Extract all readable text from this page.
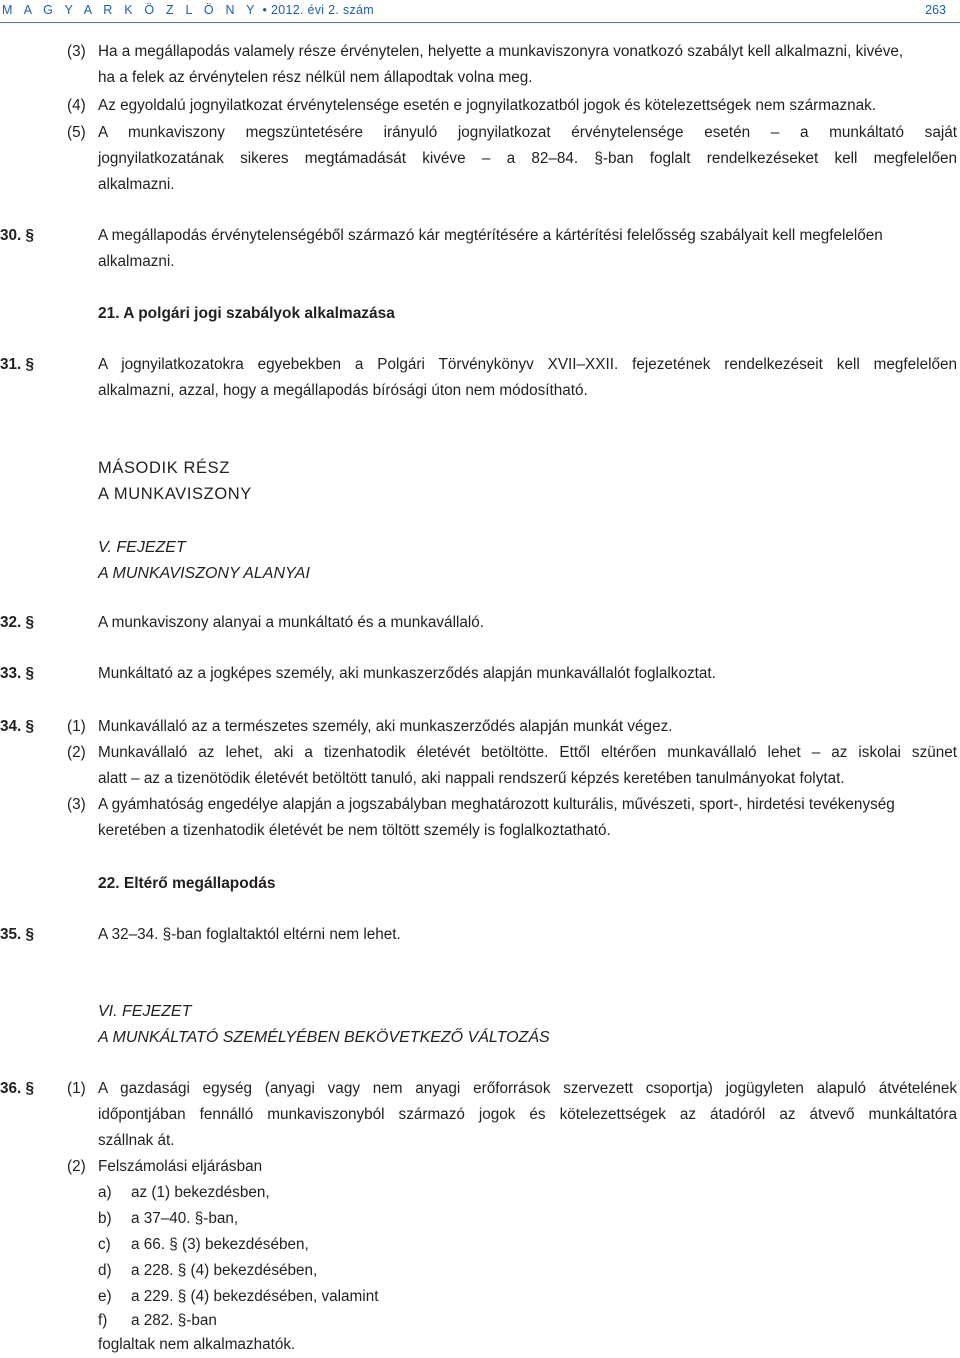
M A G Y A R K Ö Z L Ö N Y • 2012. évi 2. szám	263
(3) Ha a megállapodás valamely része érvénytelen, helyette a munkaviszonyra vonatkozó szabályt kell alkalmazni, kivéve,
ha a felek az érvénytelen rész nélkül nem állapodtak volna meg.
(4) Az egyoldalú jognyilatkozat érvénytelensége esetén e jognyilatkozatból jogok és kötelezettségek nem származnak.
(5) A munkaviszony megszüntetésére irányuló jognyilatkozat érvénytelensége esetén – a munkáltató saját
jognyilatkozatának sikeres megtámadását kivéve – a 82–84. §-ban foglalt rendelkezéseket kell megfelelően
alkalmazni.
30. §	A megállapodás érvénytelenségéből származó kár megtérítésére a kártérítési felelősség szabályait kell megfelelően
alkalmazni.
21. A polgári jogi szabályok alkalmazása
31. §	A jognyilatkozatokra egyebekben a Polgári Törvénykönyv XVII–XXII. fejezetének rendelkezéseit kell megfelelően
alkalmazni, azzal, hogy a megállapodás bírósági úton nem módosítható.
MÁSODIK RÉSZ
A MUNKAVISZONY
V. FEJEZET
A MUNKAVISZONY ALANYAI
32. §	A munkaviszony alanyai a munkáltató és a munkavállaló.
33. §	Munkáltató az a jogképes személy, aki munkaszerződés alapján munkavállalót foglalkoztat.
34. § (1) Munkavállaló az a természetes személy, aki munkaszerződés alapján munkát végez.
(2) Munkavállaló az lehet, aki a tizenhatodik életévét betöltötte. Ettől eltérően munkavállaló lehet – az iskolai szünet
alatt – az a tizenötödik életévét betöltött tanuló, aki nappali rendszerű képzés keretében tanulmányokat folytat.
(3) A gyámhatóság engedélye alapján a jogszabályban meghatározott kulturális, művészeti, sport-, hirdetési tevékenység
keretében a tizenhatodik életévét be nem töltött személy is foglalkoztatható.
22. Eltérő megállapodás
35. §	A 32–34. §-ban foglaltaktól eltérni nem lehet.
VI. FEJEZET
A MUNKÁLTATÓ SZEMÉLYÉBEN BEKÖVETKEZŐ VÁLTOZÁS
36. § (1) A gazdasági egység (anyagi vagy nem anyagi erőforrások szervezett csoportja) jogügyleten alapuló átvételének
időpontjában fennálló munkaviszonyból származó jogok és kötelezettségek az átadóról az átvevő munkáltatóra
szállnak át.
(2) Felszámolási eljárásban
a) az (1) bekezdésben,
b) a 37–40. §-ban,
c) a 66. § (3) bekezdésében,
d) a 228. § (4) bekezdésében,
e) a 229. § (4) bekezdésében, valamint
f) a 282. §-ban
foglaltak nem alkalmazhatók.
